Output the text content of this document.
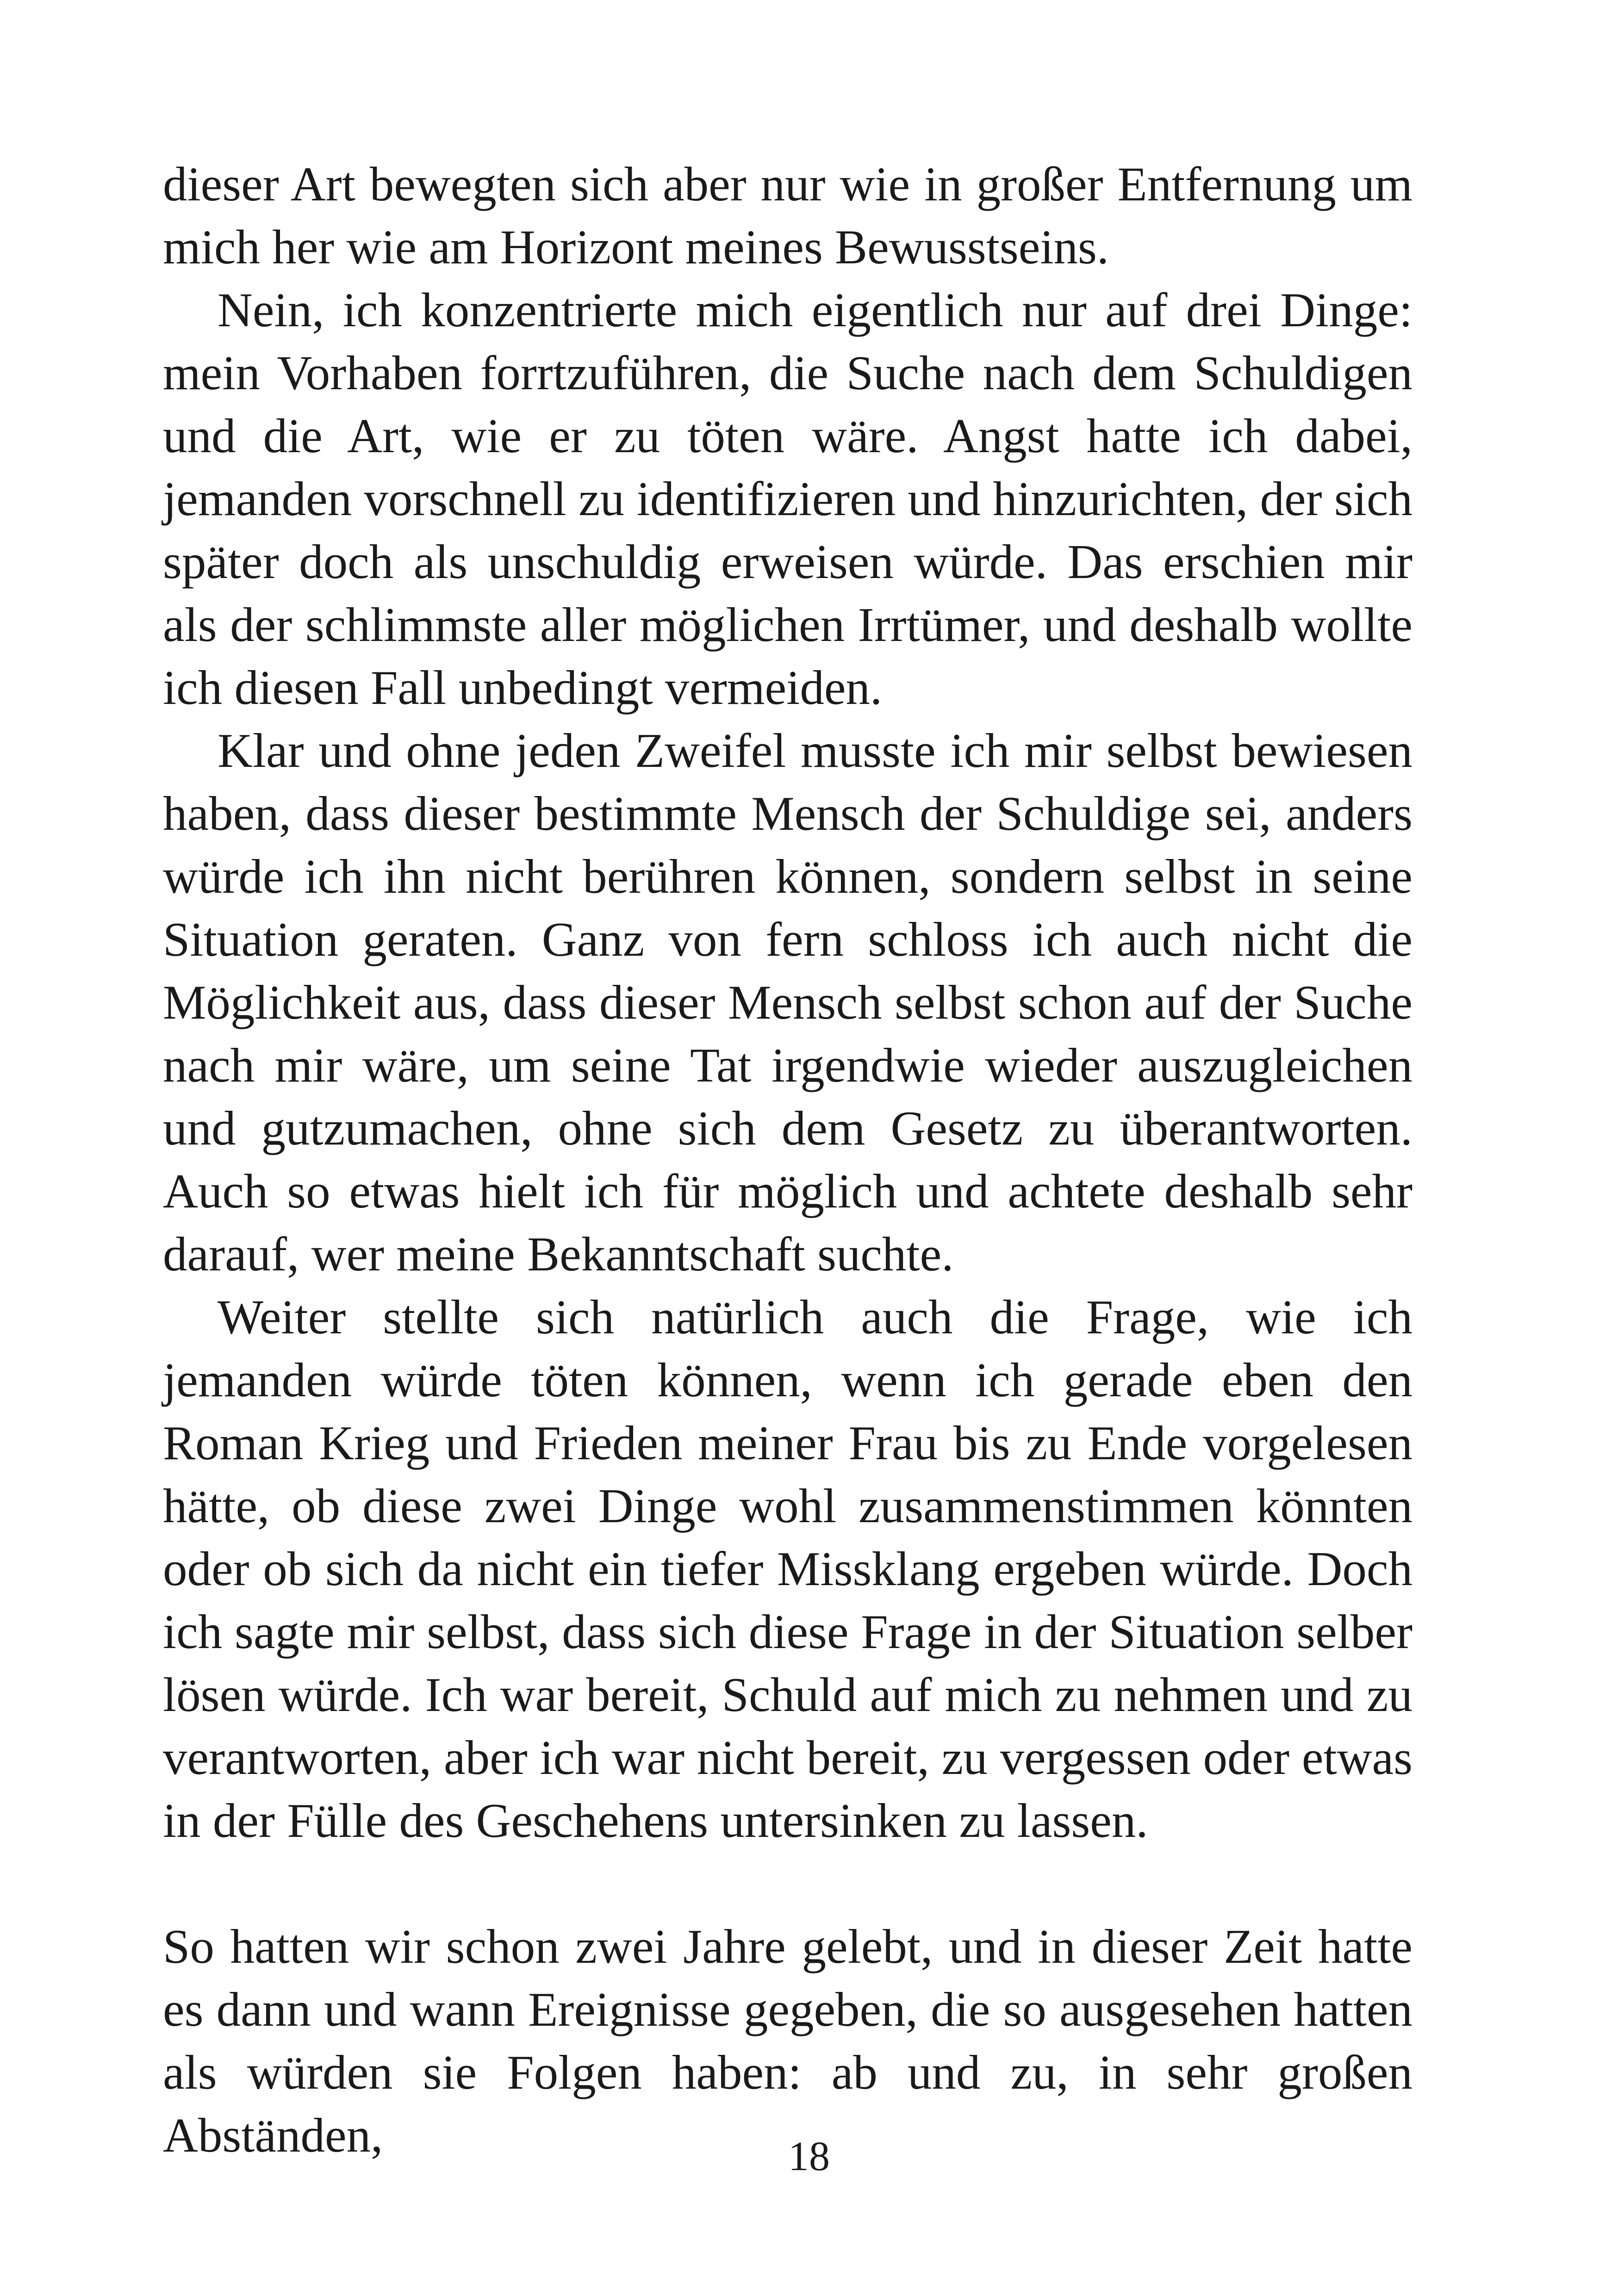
dieser Art bewegten sich aber nur wie in großer Entfernung um mich her wie am Horizont meines Bewusstseins.

Nein, ich konzentrierte mich eigentlich nur auf drei Dinge: mein Vorhaben forrtzuführen, die Suche nach dem Schuldigen und die Art, wie er zu töten wäre. Angst hatte ich dabei, jemanden vorschnell zu identifizieren und hinzurichten, der sich später doch als unschuldig erweisen würde. Das erschien mir als der schlimmste aller möglichen Irrtümer, und deshalb wollte ich diesen Fall unbedingt vermeiden.

Klar und ohne jeden Zweifel musste ich mir selbst bewiesen haben, dass dieser bestimmte Mensch der Schuldige sei, anders würde ich ihn nicht berühren können, sondern selbst in seine Situation geraten. Ganz von fern schloss ich auch nicht die Möglichkeit aus, dass dieser Mensch selbst schon auf der Suche nach mir wäre, um seine Tat irgendwie wieder auszugleichen und gutzumachen, ohne sich dem Gesetz zu überantworten. Auch so etwas hielt ich für möglich und achtete deshalb sehr darauf, wer meine Bekanntschaft suchte.

Weiter stellte sich natürlich auch die Frage, wie ich jemanden würde töten können, wenn ich gerade eben den Roman Krieg und Frieden meiner Frau bis zu Ende vorgelesen hätte, ob diese zwei Dinge wohl zusammenstimmen könnten oder ob sich da nicht ein tiefer Missklang ergeben würde. Doch ich sagte mir selbst, dass sich diese Frage in der Situation selber lösen würde. Ich war bereit, Schuld auf mich zu nehmen und zu verantworten, aber ich war nicht bereit, zu vergessen oder etwas in der Fülle des Geschehens untersinken zu lassen.

So hatten wir schon zwei Jahre gelebt, und in dieser Zeit hatte es dann und wann Ereignisse gegeben, die so ausgesehen hatten als würden sie Folgen haben: ab und zu, in sehr großen Abständen,	18
